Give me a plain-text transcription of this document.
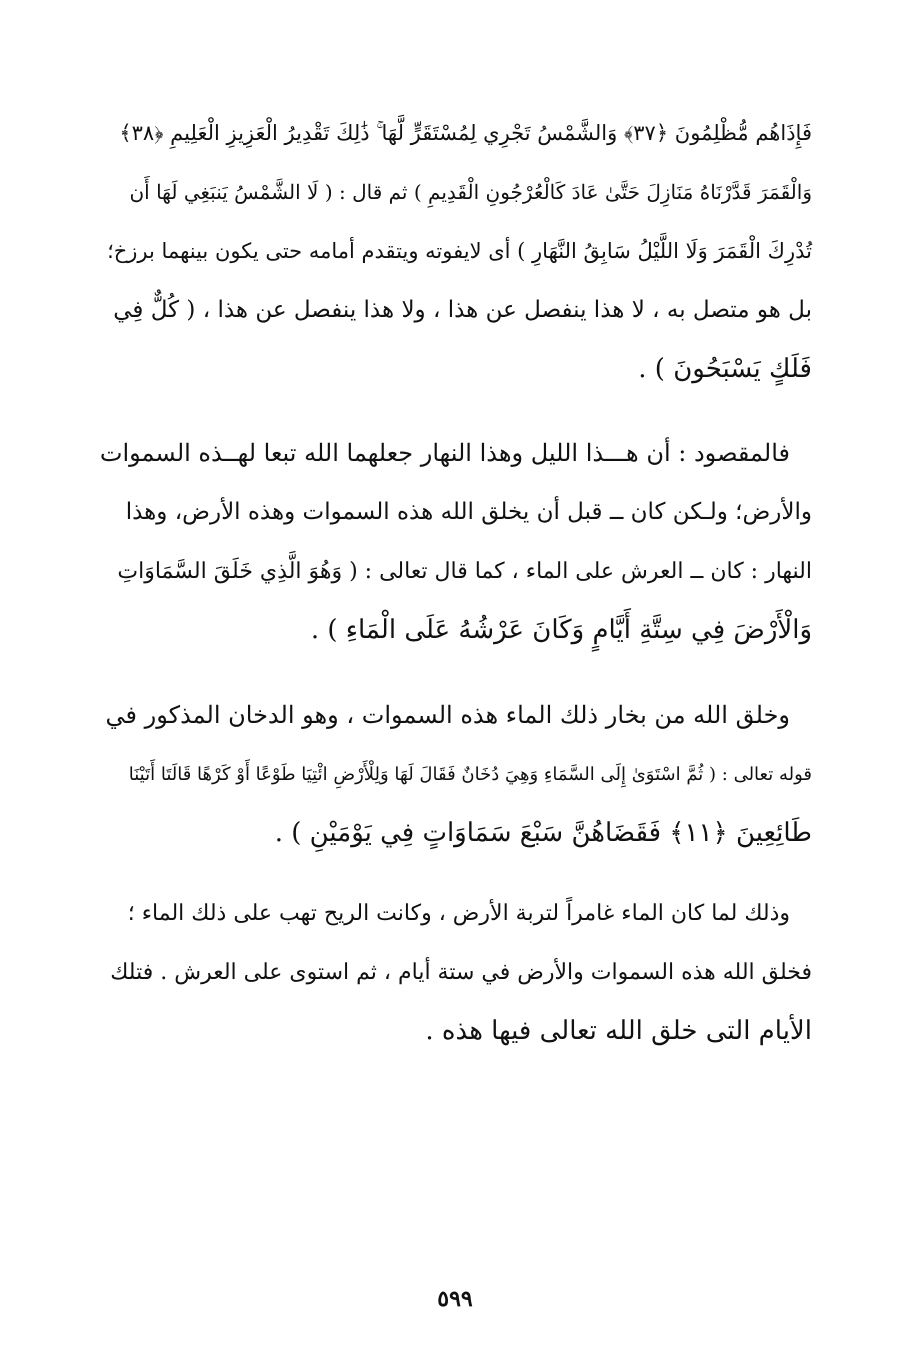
فَإِذَاهُم مُّظْلِمُونَ ﴿٣٧﴾ وَالشَّمْسُ تَجْرِي لِمُسْتَقَرٍّ لَّهَا ۚ ذَٰلِكَ تَقْدِيرُ الْعَزِيزِ الْعَلِيمِ ﴿٣٨﴾
وَالْقَمَرَ قَدَّرْنَاهُ مَنَازِلَ حَتَّىٰ عَادَ كَالْعُرْجُونِ الْقَدِيمِ ) ثم قال : ( لَا الشَّمْسُ يَنبَغِي لَهَا أَن
تُدْرِكَ الْقَمَرَ وَلَا اللَّيْلُ سَابِقُ النَّهَارِ ) أى لايفوته ويتقدم أمامه حتى يكون بينهما برزخ؛
بل هو متصل به ، لا هذا ينفصل عن هذا ، ولا هذا ينفصل عن هذا ، ( كُلٌّ فِي
فَلَكٍ يَسْبَحُونَ ) .
فالمقصود : أن هـــذا الليل وهذا النهار جعلهما الله تبعا لهــذه السموات
والأرض؛ ولـكن كان ــ قبل أن يخلق الله هذه السموات وهذه الأرض، وهذا
النهار : كان ــ العرش على الماء ، كما قال تعالى : ( وَهُوَ الَّذِي خَلَقَ السَّمَاوَاتِ
وَالْأَرْضَ فِي سِتَّةِ أَيَّامٍ وَكَانَ عَرْشُهُ عَلَى الْمَاءِ ) .
وخلق الله من بخار ذلك الماء هذه السموات ، وهو الدخان المذكور في
قوله تعالى : ( ثُمَّ اسْتَوَىٰ إِلَى السَّمَاءِ وَهِيَ دُخَانٌ فَقَالَ لَهَا وَلِلْأَرْضِ ائْتِيَا طَوْعًا أَوْ كَرْهًا قَالَتَا أَتَيْنَا
طَائِعِينَ ﴿١١﴾ فَقَضَاهُنَّ سَبْعَ سَمَاوَاتٍ فِي يَوْمَيْنِ ) .
وذلك لما كان الماء غامراً لتربة الأرض ، وكانت الريح تهب على ذلك الماء ؛
فخلق الله هذه السموات والأرض في ستة أيام ، ثم استوى على العرش . فتلك
الأيام التى خلق الله تعالى فيها هذه .
٥٩٩
